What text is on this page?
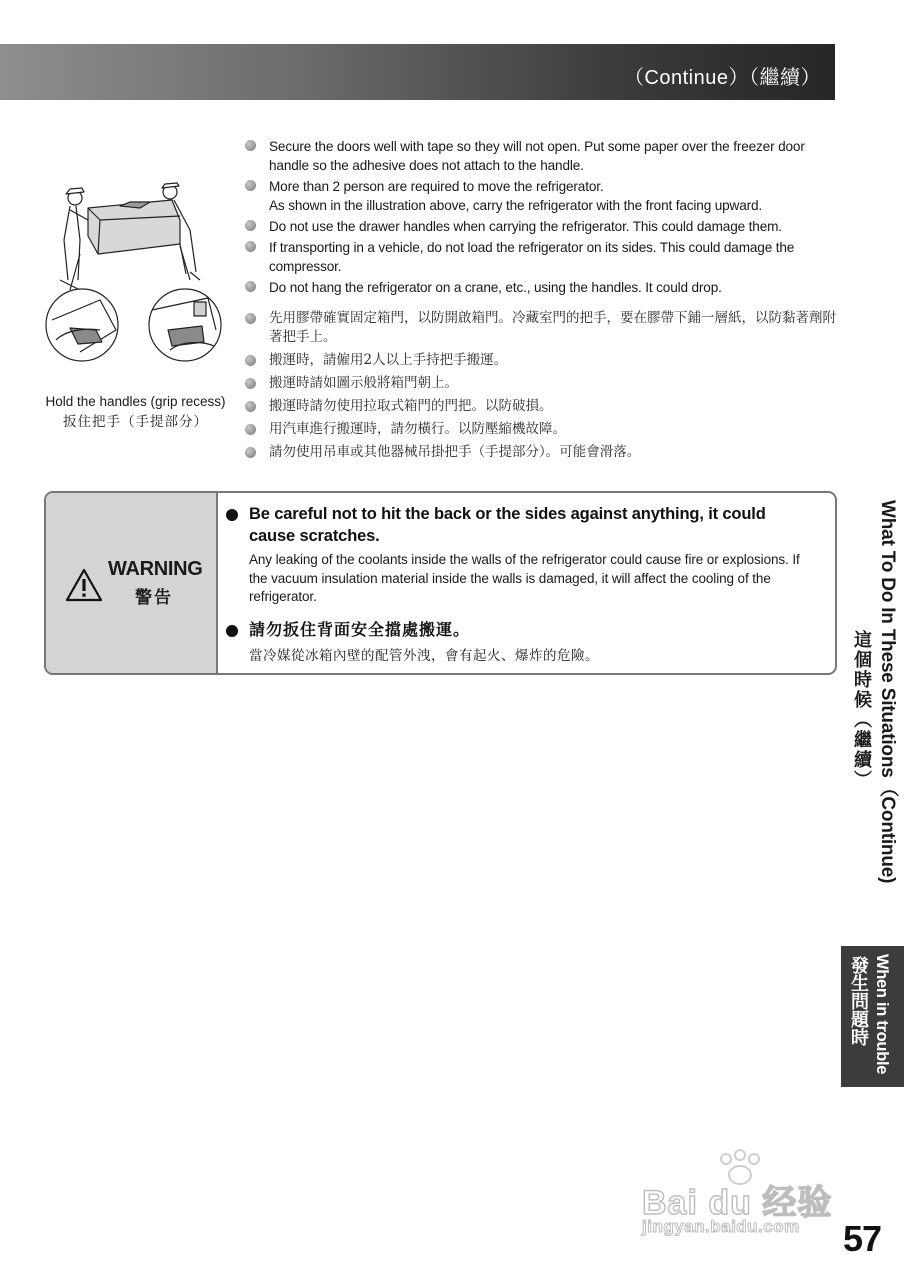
（Continue）（繼續）
Hold the handles (grip recess)
扳住把手（手提部分）
Secure the doors well with tape so they will not open. Put some paper over the freezer door handle so the adhesive does not attach to the handle.
More than 2 person are required to move the refrigerator.
As shown in the illustration above, carry the refrigerator with the front facing upward.
Do not use the drawer handles when carrying the refrigerator. This could damage them.
If transporting in a vehicle, do not load the refrigerator on its sides. This could damage the compressor.
Do not hang the refrigerator on a crane, etc., using the handles. It could drop.
先用膠帶確實固定箱門，以防開啟箱門。冷藏室門的把手，要在膠帶下鋪一層紙，以防黏著劑附著把手上。
搬運時，請僱用2人以上手持把手搬運。
搬運時請如圖示般將箱門朝上。
搬運時請勿使用拉取式箱門的門把。以防破損。
用汽車進行搬運時，請勿橫行。以防壓縮機故障。
請勿使用吊車或其他器械吊掛把手（手提部分）。可能會滑落。
WARNING
警告
Be careful not to hit the back or the sides against anything, it could cause scratches.
Any leaking of the coolants inside the walls of the refrigerator could cause fire or explosions. If the vacuum insulation material inside the walls is damaged, it will affect the cooling of the refrigerator.
請勿扳住背面安全擋處搬運。
當冷媒從冰箱內壁的配管外洩，會有起火、爆炸的危險。	What To Do In These Situations（Continue)
這個時候（繼續）
When in trouble
發生問題時
Bai du 经验
jingyan.baidu.com 57
